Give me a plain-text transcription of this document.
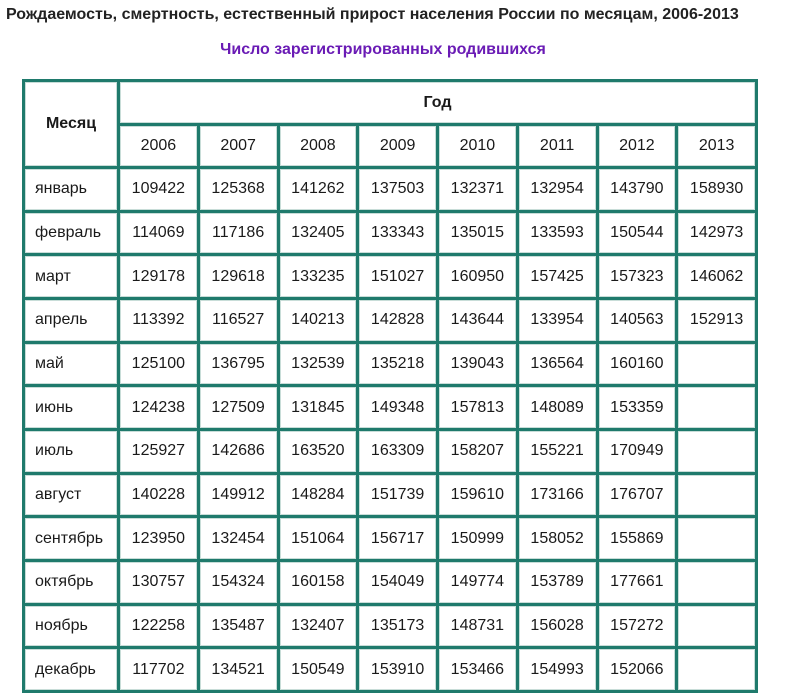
Рождаемость, смертность, естественный прирост населения России по месяцам, 2006-2013
Число зарегистрированных родившихся
Месяц	Год							
	2006	2007	2008	2009	2010	2011	2012	2013
январь	109422	125368	141262	137503	132371	132954	143790	158930
февраль	114069	117186	132405	133343	135015	133593	150544	142973
март	129178	129618	133235	151027	160950	157425	157323	146062
апрель	113392	116527	140213	142828	143644	133954	140563	152913
май	125100	136795	132539	135218	139043	136564	160160	
июнь	124238	127509	131845	149348	157813	148089	153359	
июль	125927	142686	163520	163309	158207	155221	170949	
август	140228	149912	148284	151739	159610	173166	176707	
сентябрь	123950	132454	151064	156717	150999	158052	155869	
октябрь	130757	154324	160158	154049	149774	153789	177661	
ноябрь	122258	135487	132407	135173	148731	156028	157272	
декабрь	117702	134521	150549	153910	153466	154993	152066	
